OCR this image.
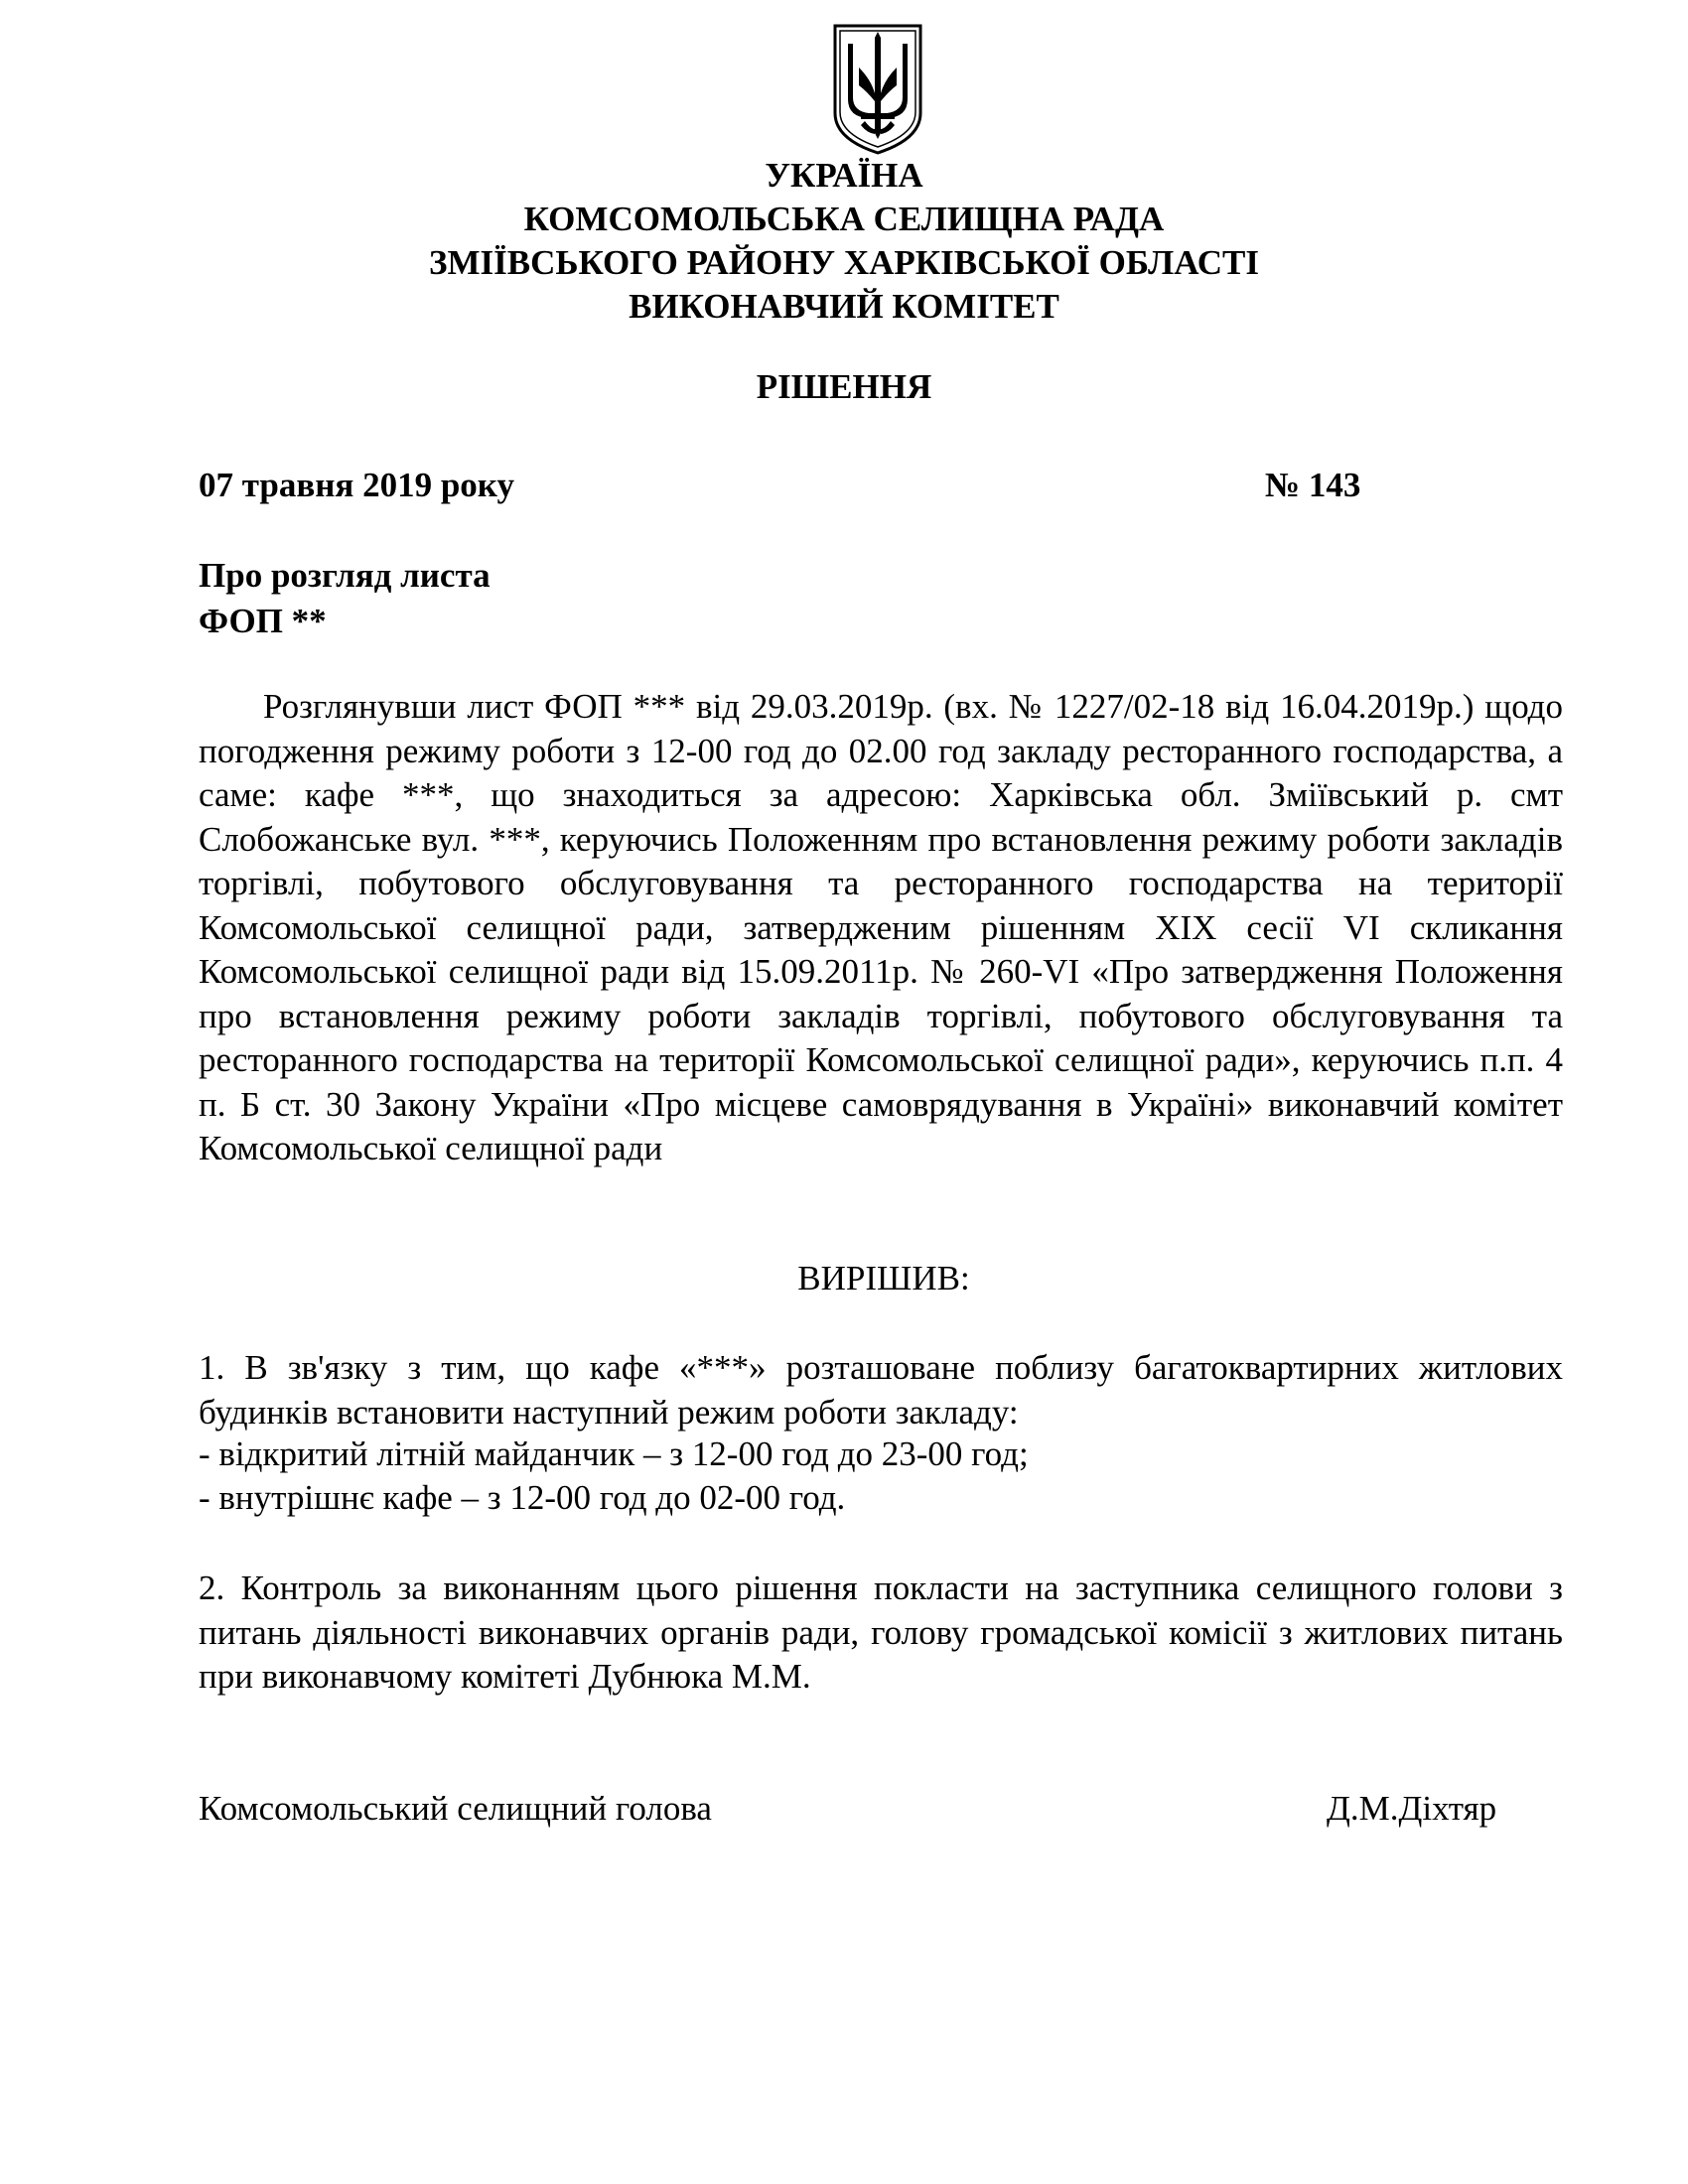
УКРАЇНА
КОМСОМОЛЬСЬКА СЕЛИЩНА РАДА
ЗМІЇВСЬКОГО РАЙОНУ ХАРКІВСЬКОЇ ОБЛАСТІ
ВИКОНАВЧИЙ КОМІТЕТ
РІШЕННЯ
07 травня 2019 року	№ 143
Про розгляд листа
ФОП **
Розглянувши лист ФОП *** від 29.03.2019р. (вх. № 1227/02-18 від 16.04.2019р.) щодо погодження режиму роботи з 12-00 год до 02.00 год закладу ресторанного господарства, а саме: кафе ***, що знаходиться за адресою: Харківська обл. Зміївський р. смт Слобожанське вул. ***, керуючись Положенням про встановлення режиму роботи закладів торгівлі, побутового обслуговування та ресторанного господарства на території Комсомольської селищної ради, затвердженим рішенням XIX сесії VI скликання Комсомольської селищної ради від 15.09.2011р. № 260-VI «Про затвердження Положення про встановлення режиму роботи закладів торгівлі, побутового обслуговування та ресторанного господарства на території Комсомольської селищної ради», керуючись п.п. 4 п. Б ст. 30 Закону України «Про місцеве самоврядування в Україні» виконавчий комітет Комсомольської селищної ради
ВИРІШИВ:
1. В зв'язку з тим, що кафе «***» розташоване поблизу багатоквартирних житлових будинків встановити наступний режим роботи закладу:
- відкритий літній майданчик – з 12-00 год до 23-00 год;
- внутрішнє кафе – з 12-00 год до 02-00 год.
2. Контроль за виконанням цього рішення покласти на заступника селищного голови з питань діяльності виконавчих органів ради, голову громадської комісії з житлових питань при виконавчому комітеті Дубнюка М.М.
Комсомольський селищний голова	Д.М.Діхтяр
